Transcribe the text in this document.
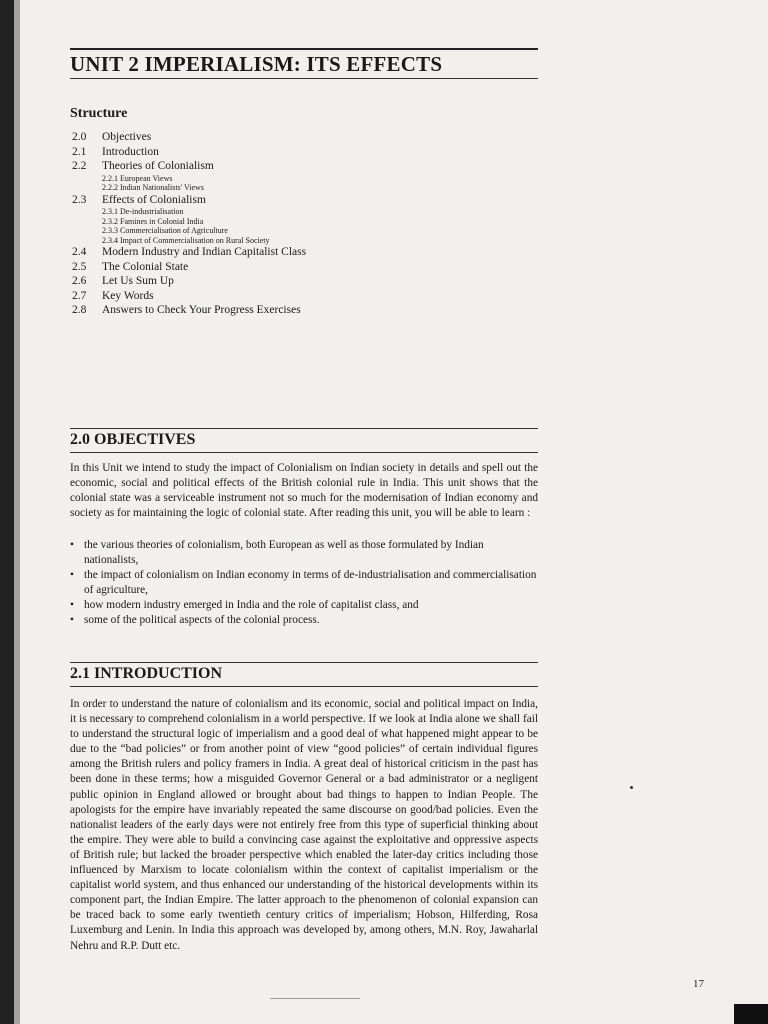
UNIT 2 IMPERIALISM: ITS EFFECTS
Structure
2.0	Objectives
2.1	Introduction
2.2	Theories of Colonialism
2.2.1 European Views
2.2.2 Indian Nationalists' Views
2.3	Effects of Colonialism
2.3.1 De-industrialisation
2.3.2 Famines in Colonial India
2.3.3 Commercialisation of Agriculture
2.3.4 Impact of Commercialisation on Rural Society
2.4	Modern Industry and Indian Capitalist Class
2.5	The Colonial State
2.6	Let Us Sum Up
2.7	Key Words
2.8	Answers to Check Your Progress Exercises
2.0 OBJECTIVES
In this Unit we intend to study the impact of Colonialism on Indian society in details and spell out the economic, social and political effects of the British colonial rule in India. This unit shows that the colonial state was a serviceable instrument not so much for the modernisation of Indian economy and society as for maintaining the logic of colonial state. After reading this unit, you will be able to learn :
• the various theories of colonialism, both European as well as those formulated by Indian nationalists,
• the impact of colonialism on Indian economy in terms of de-industrialisation and commercialisation of agriculture,
• how modern industry emerged in India and the role of capitalist class, and
• some of the political aspects of the colonial process.
2.1 INTRODUCTION
In order to understand the nature of colonialism and its economic, social and political impact on India, it is necessary to comprehend colonialism in a world perspective. If we look at India alone we shall fail to understand the structural logic of imperialism and a good deal of what happened might appear to be due to the “bad policies” or from another point of view “good policies” of certain individual figures among the British rulers and policy framers in India. A great deal of historical criticism in the past has been done in these terms; how a misguided Governor General or a bad administrator or a negligent public opinion in England allowed or brought about bad things to happen to Indian People. The apologists for the empire have invariably repeated the same discourse on good/bad policies. Even the nationalist leaders of the early days were not entirely free from this type of superficial thinking about the empire. They were able to build a convincing case against the exploitative and oppressive aspects of British rule; but lacked the broader perspective which enabled the later-day critics including those influenced by Marxism to locate colonialism within the context of capitalist imperialism or the capitalist world system, and thus enhanced our understanding of the historical developments within its component part, the Indian Empire. The latter approach to the phenomenon of colonial expansion can be traced back to some early twentieth century critics of imperialism; Hobson, Hilferding, Rosa Luxemburg and Lenin. In India this approach was developed by, among others, M.N. Roy, Jawaharlal Nehru and R.P. Dutt etc.
17
